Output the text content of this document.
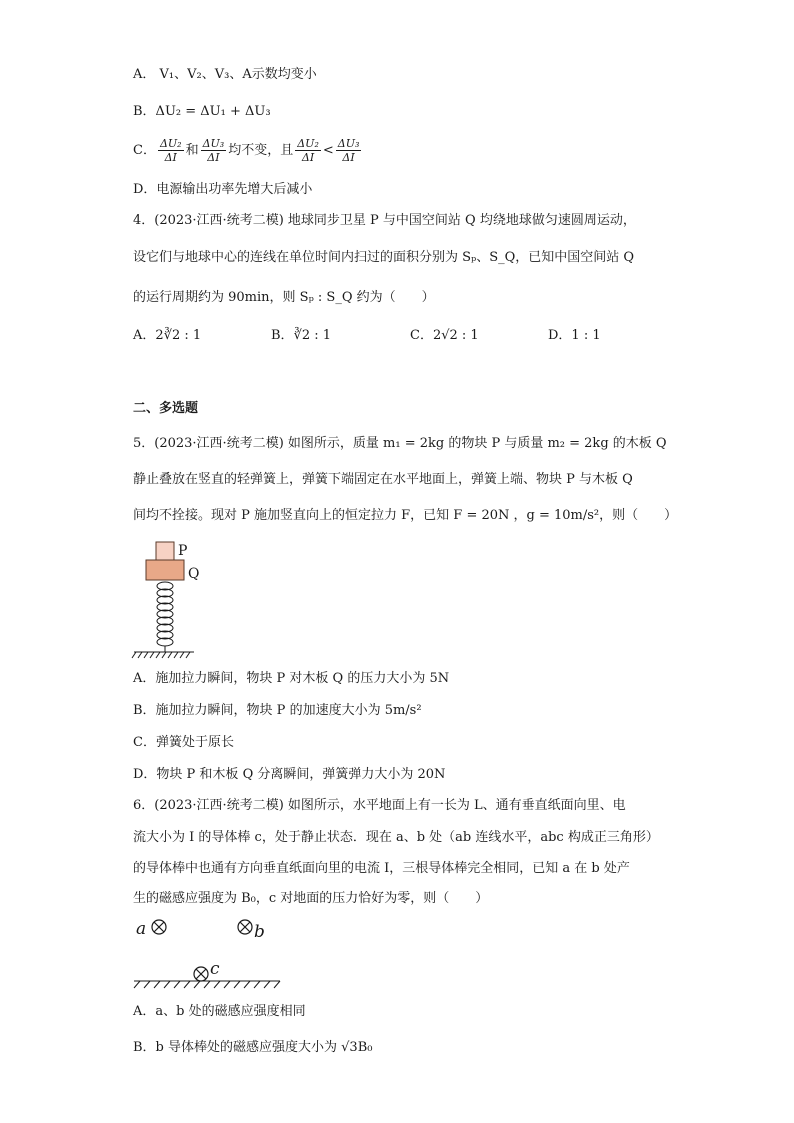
A． V₁、V₂、V₃、A示数均变小
B．ΔU₂ = ΔU₁ + ΔU₃
C． $\frac{\text{ΔU₂}}{\Delta I}$ 和 $\frac{\text{ΔU₃}}{\Delta I}$ 均不变，且 $\frac{\text{ΔU₂}}{\Delta I} < \frac{\text{ΔU₃}}{\Delta I}$
D．电源输出功率先增大后减小
4．(2023·江西·统考二模) 地球同步卫星 P 与中国空间站 Q 均绕地球做匀速圆周运动，
设它们与地球中心的连线在单位时间内扫过的面积分别为 Sₚ、S_Q，已知中国空间站 Q
的运行周期约为 90min，则 Sₚ : S_Q 约为（　　）
A．2∛2 : 1	B．∛2 : 1	C．2√2 : 1	D．1 : 1
二、多选题
5．(2023·江西·统考二模) 如图所示，质量 m₁ = 2kg 的物块 P 与质量 m₂ = 2kg 的木板 Q
静止叠放在竖直的轻弹簧上，弹簧下端固定在水平地面上，弹簧上端、物块 P 与木板 Q
间均不拴接。现对 P 施加竖直向上的恒定拉力 F，已知 F = 20N ，g = 10m/s²，则（　　）
P
Q
A．施加拉力瞬间，物块 P 对木板 Q 的压力大小为 5N
B．施加拉力瞬间，物块 P 的加速度大小为 5m/s²
C．弹簧处于原长
D．物块 P 和木板 Q 分离瞬间，弹簧弹力大小为 20N
6．(2023·江西·统考二模) 如图所示，水平地面上有一长为 L、通有垂直纸面向里、电
流大小为 I 的导体棒 c，处于静止状态．现在 a、b 处（ab 连线水平，abc 构成正三角形）
的导体棒中也通有方向垂直纸面向里的电流 I，三根导体棒完全相同，已知 a 在 b 处产
生的磁感应强度为 B₀，c 对地面的压力恰好为零，则（　　）
a	b
c
A．a、b 处的磁感应强度相同
B．b 导体棒处的磁感应强度大小为 √3B₀
